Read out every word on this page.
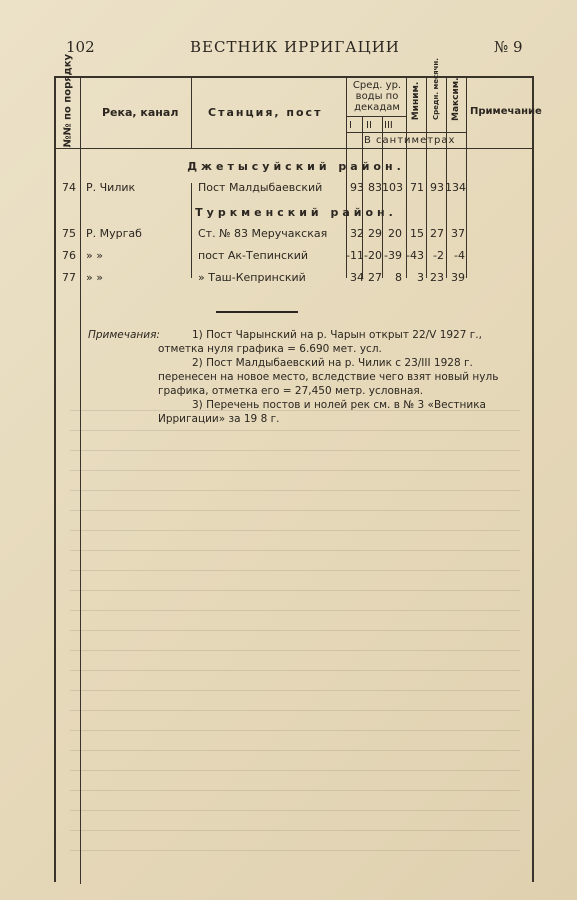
102	ВЕСТНИК ИРРИГАЦИИ	№ 9
№№ по порядку	Река, канал	Станция, пост
Сред. ур. воды по декадам
I II III
Миним. Средн. месячн. Максим. Примечание
В сантиметрах
Джетысуйский район.
74 Р. Чилик	Пост Малдыбаевский	93 83 103 71 93 134
Туркменский район.
75 Р. Мургаб	Ст. № 83 Меручакская	32 29 20 15 27 37
76 » »	пост Ак-Тепинский	-11 -20 -39 -43 -2 -4
77 » »	» Таш-Кепринский	34 27	8	3 23 39
Примечания:	1) Пост Чарынский на р. Чарын открыт 22/V 1927 г.,
отметка нуля графика = 6.690 мет. усл.
2) Пост Малдыбаевский на р. Чилик с 23/III 1928 г.
перенесен на новое место, вследствие чего взят новый нуль
графика, отметка его = 27,450 метр. условная.
3) Перечень постов и нолей рек см. в № 3 «Вестника
Ирригации» за 19 8 г.
